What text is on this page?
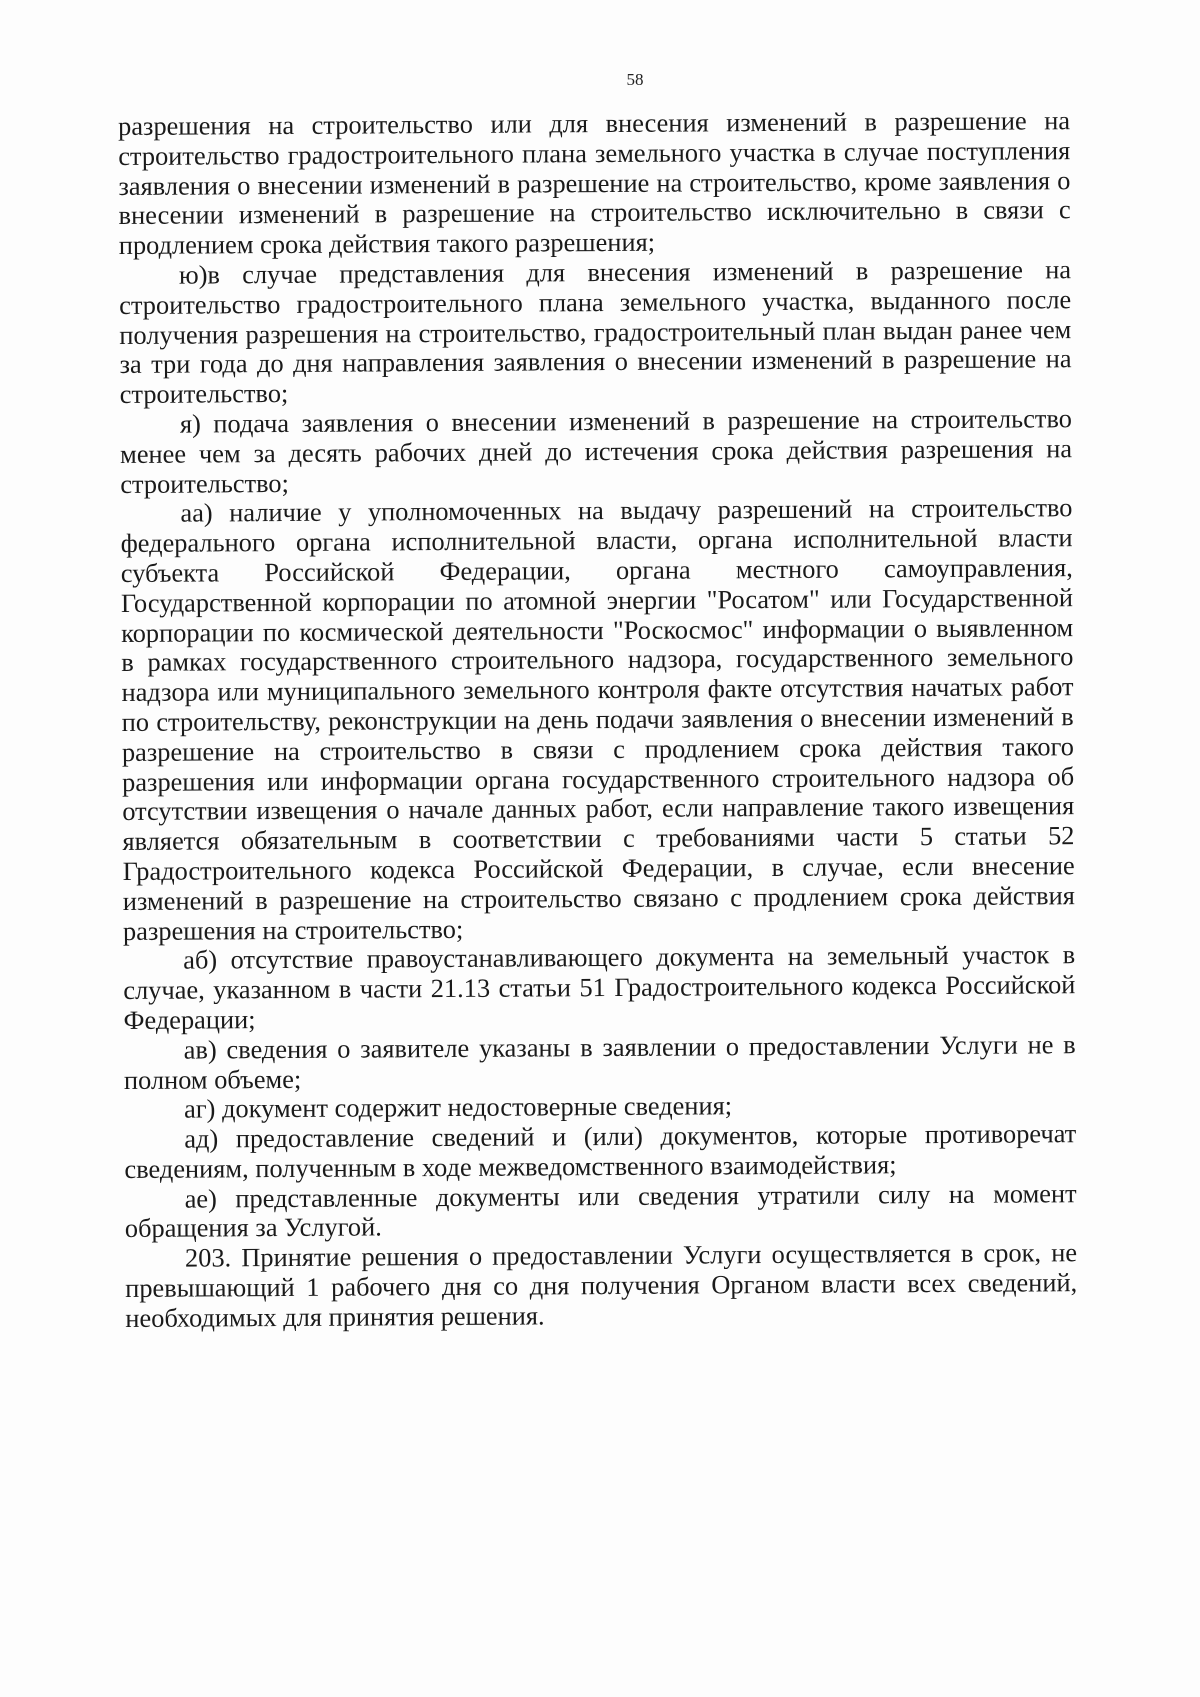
58

разрешения на строительство или для внесения изменений в разрешение на строительство градостроительного плана земельного участка в случае поступления заявления о внесении изменений в разрешение на строительство, кроме заявления о внесении изменений в разрешение на строительство исключительно в связи с продлением срока действия такого разрешения;

ю)в случае представления для внесения изменений в разрешение на строительство градостроительного плана земельного участка, выданного после получения разрешения на строительство, градостроительный план выдан ранее чем за три года до дня направления заявления о внесении изменений в разрешение на строительство;

я) подача заявления о внесении изменений в разрешение на строительство менее чем за десять рабочих дней до истечения срока действия разрешения на строительство;

аа) наличие у уполномоченных на выдачу разрешений на строительство федерального органа исполнительной власти, органа исполнительной власти субъекта Российской Федерации, органа местного самоуправления, Государственной корпорации по атомной энергии "Росатом" или Государственной корпорации по космической деятельности "Роскосмос" информации о выявленном в рамках государственного строительного надзора, государственного земельного надзора или муниципального земельного контроля факте отсутствия начатых работ по строительству, реконструкции на день подачи заявления о внесении изменений в разрешение на строительство в связи с продлением срока действия такого разрешения или информации органа государственного строительного надзора об отсутствии извещения о начале данных работ, если направление такого извещения является обязательным в соответствии с требованиями части 5 статьи 52 Градостроительного кодекса Российской Федерации, в случае, если внесение изменений в разрешение на строительство связано с продлением срока действия разрешения на строительство;

аб) отсутствие правоустанавливающего документа на земельный участок в случае, указанном в части 21.13 статьи 51 Градостроительного кодекса Российской Федерации;

ав) сведения о заявителе указаны в заявлении о предоставлении Услуги не в полном объеме;

аг) документ содержит недостоверные сведения;

ад) предоставление сведений и (или) документов, которые противоречат сведениям, полученным в ходе межведомственного взаимодействия;

ае) представленные документы или сведения утратили силу на момент обращения за Услугой.

203. Принятие решения о предоставлении Услуги осуществляется в срок, не превышающий 1 рабочего дня со дня получения Органом власти всех сведений, необходимых для принятия решения.
